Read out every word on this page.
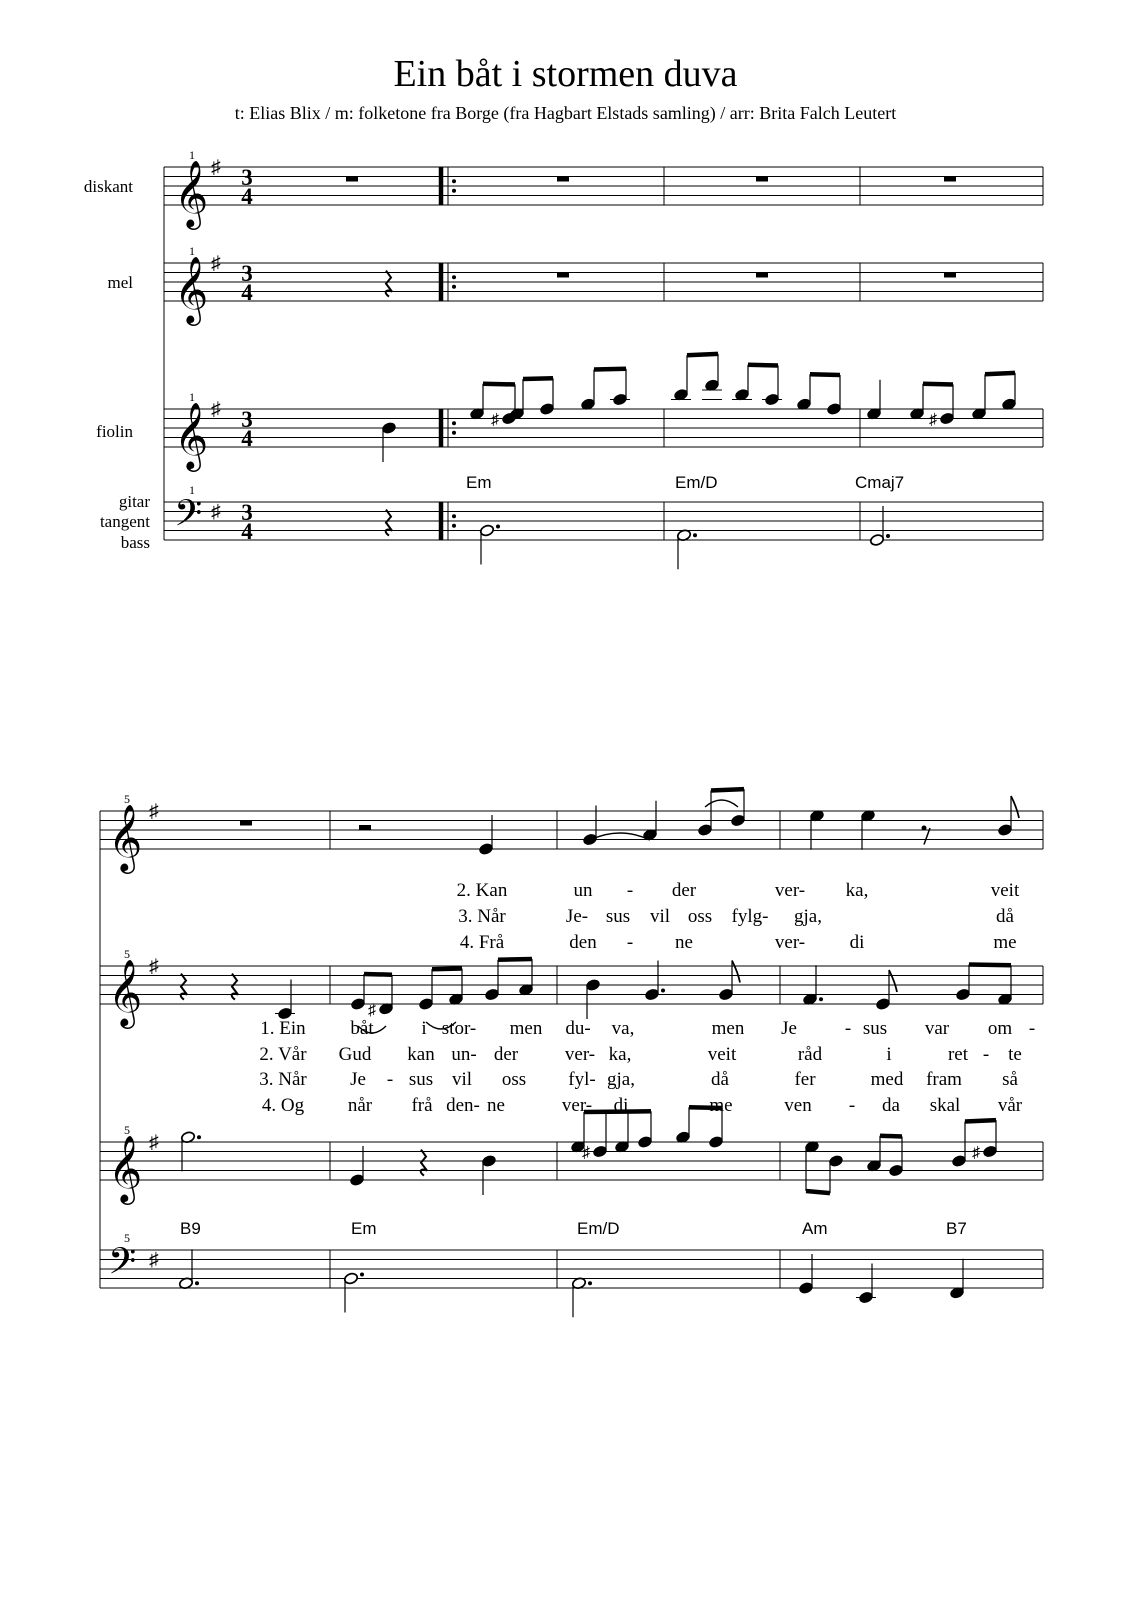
Ein båt i stormen duva
t: Elias Blix / m: folketone fra Borge (fra Hagbart Elstads samling) / arr: Brita Falch Leutert
diskant
mel
fiolin
gitar
tangent
bass
1
𝄞 ♯ 3
4
1
𝄞 ♯ 3
4
1
𝄞 ♯ 3
4
1
𝄢 ♯ 3
4
♯	♯
Em	Em/D	Cmaj7
5
𝄞 ♯
5
𝄞 ♯
5
𝄞 ♯
5
𝄢 ♯
♯
♯	♯
B9	Em	Em/D	Am	B7
2. Kan	un - der	ver- ka,	veit
3. Når	Je- sus vil oss fylg- gja,	då
4. Frå	den - ne	ver- di	me
1. Ein båt	i stor- men du- va,	men Je	- sus var om -
2. Vår Gud kan un- der ver- ka,	veit	råd	i	ret - te
3. Når Je - sus vil oss fyl- gja,	då	fer	med fram så
4. Og når frå den- ne	ver- di	me	ven - da skal vår
